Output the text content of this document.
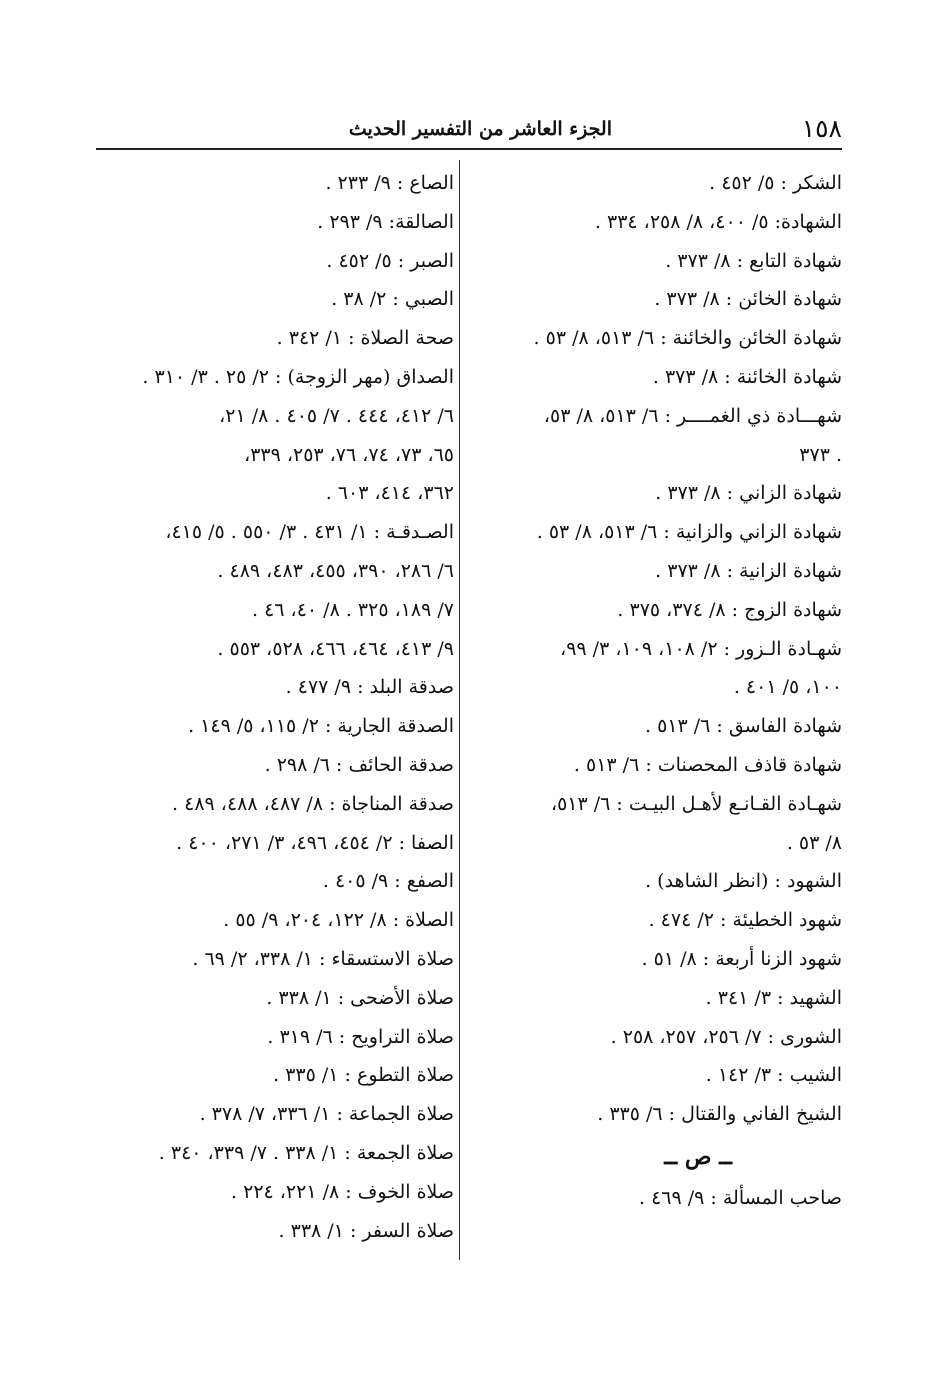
١٥٨
الجزء العاشر من التفسير الحديث
الشكر : ٥/ ٤٥٢ .
الشهادة: ٥/ ٤٠٠، ٨/ ٢٥٨، ٣٣٤ .
شهادة التابع : ٨/ ٣٧٣ .
شهادة الخائن : ٨/ ٣٧٣ .
شهادة الخائن والخائنة : ٦/ ٥١٣، ٨/ ٥٣ .
شهادة الخائنة : ٨/ ٣٧٣ .
شهـــادة ذي الغمــــر : ٦/ ٥١٣، ٨/ ٥٣،
. ٣٧٣
شهادة الزاني : ٨/ ٣٧٣ .
شهادة الزاني والزانية : ٦/ ٥١٣، ٨/ ٥٣ .
شهادة الزانية : ٨/ ٣٧٣ .
شهادة الزوج : ٨/ ٣٧٤، ٣٧٥ .
شهـادة الـزور : ٢/ ١٠٨، ١٠٩، ٣/ ٩٩،
١٠٠، ٥/ ٤٠١ .
شهادة الفاسق : ٦/ ٥١٣ .
شهادة قاذف المحصنات : ٦/ ٥١٣ .
شهـادة القـانـع لأهـل البيـت : ٦/ ٥١٣،
٨/ ٥٣ .
الشهود : (انظر الشاهد) .
شهود الخطيئة : ٢/ ٤٧٤ .
شهود الزنا أربعة : ٨/ ٥١ .
الشهيد : ٣/ ٣٤١ .
الشورى : ٧/ ٢٥٦، ٢٥٧، ٢٥٨ .
الشيب : ٣/ ١٤٢ .
الشيخ الفاني والقتال : ٦/ ٣٣٥ .
ــ ص ــ
صاحب المسألة : ٩/ ٤٦٩ .
الصاع : ٩/ ٢٣٣ .
الصالقة: ٩/ ٢٩٣ .
الصبر : ٥/ ٤٥٢ .
الصبي : ٢/ ٣٨ .
صحة الصلاة : ١/ ٣٤٢ .
الصداق (مهر الزوجة) : ٢/ ٢٥ . ٣/ ٣١٠ .
٦/ ٤١٢، ٤٤٤ . ٧/ ٤٠٥ . ٨/ ٢١،
٦٥، ٧٣، ٧٤، ٧٦، ٢٥٣، ٣٣٩،
٣٦٢، ٤١٤، ٦٠٣ .
الصـدقـة : ١/ ٤٣١ . ٣/ ٥٥٠ . ٥/ ٤١٥،
٦/ ٢٨٦، ٣٩٠، ٤٥٥، ٤٨٣، ٤٨٩ .
٧/ ١٨٩، ٣٢٥ . ٨/ ٤٠، ٤٦ .
٩/ ٤١٣، ٤٦٤، ٤٦٦، ٥٢٨، ٥٥٣ .
صدقة البلد : ٩/ ٤٧٧ .
الصدقة الجارية : ٢/ ١١٥، ٥/ ١٤٩ .
صدقة الحائف : ٦/ ٢٩٨ .
صدقة المناجاة : ٨/ ٤٨٧، ٤٨٨، ٤٨٩ .
الصفا : ٢/ ٤٥٤، ٤٩٦، ٣/ ٢٧١، ٤٠٠ .
الصفع : ٩/ ٤٠٥ .
الصلاة : ٨/ ١٢٢، ٢٠٤، ٩/ ٥٥ .
صلاة الاستسقاء : ١/ ٣٣٨، ٢/ ٦٩ .
صلاة الأضحى : ١/ ٣٣٨ .
صلاة التراويح : ٦/ ٣١٩ .
صلاة التطوع : ١/ ٣٣٥ .
صلاة الجماعة : ١/ ٣٣٦، ٧/ ٣٧٨ .
صلاة الجمعة : ١/ ٣٣٨ . ٧/ ٣٣٩، ٣٤٠ .
صلاة الخوف : ٨/ ٢٢١، ٢٢٤ .
صلاة السفر : ١/ ٣٣٨ .
